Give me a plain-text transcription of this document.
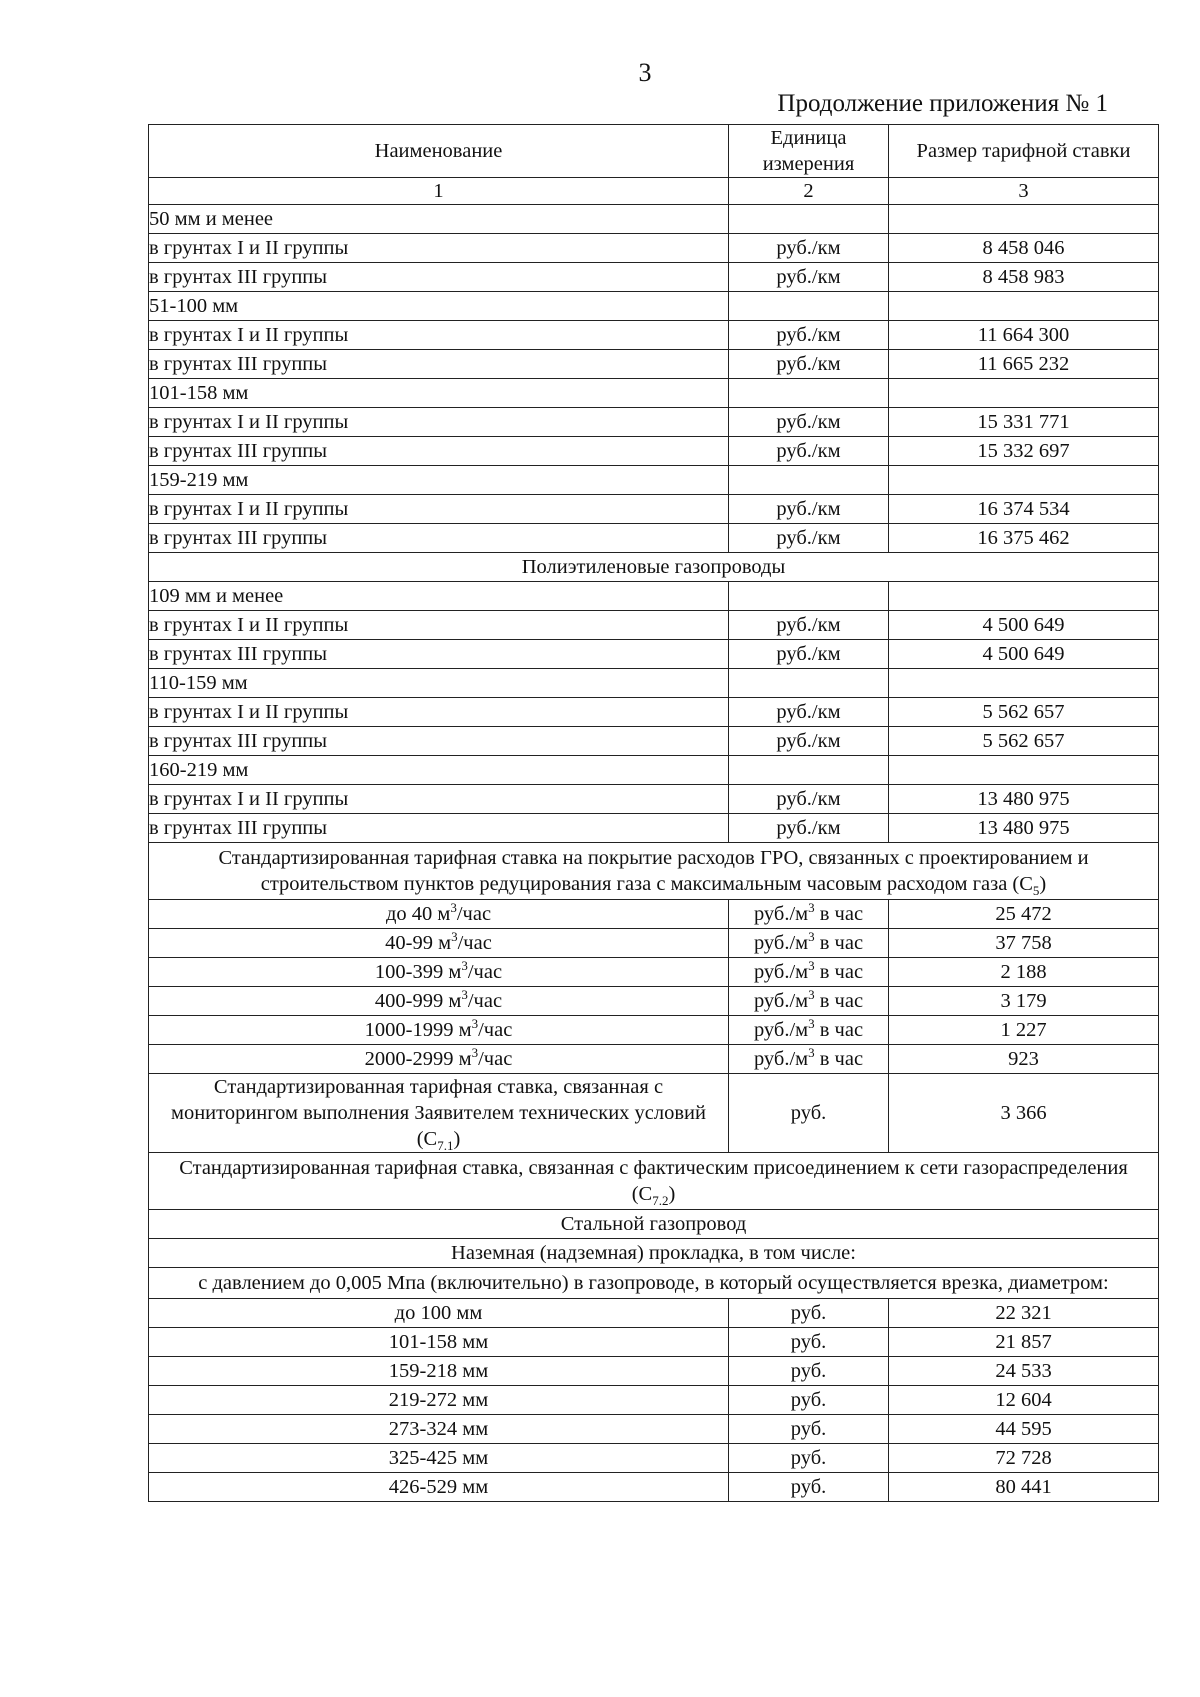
3
Продолжение приложения № 1
Наименование	Единица измерения	Размер тарифной ставки
1	2	3
50 мм и менее		
в грунтах I и II группы	руб./км	8 458 046
в грунтах III группы	руб./км	8 458 983
51-100 мм		
в грунтах I и II группы	руб./км	11 664 300
в грунтах III группы	руб./км	11 665 232
101-158 мм		
в грунтах I и II группы	руб./км	15 331 771
в грунтах III группы	руб./км	15 332 697
159-219 мм		
в грунтах I и II группы	руб./км	16 374 534
в грунтах III группы	руб./км	16 375 462
Полиэтиленовые газопроводы		
109 мм и менее		
в грунтах I и II группы	руб./км	4 500 649
в грунтах III группы	руб./км	4 500 649
110-159 мм		
в грунтах I и II группы	руб./км	5 562 657
в грунтах III группы	руб./км	5 562 657
160-219 мм		
в грунтах I и II группы	руб./км	13 480 975
в грунтах III группы	руб./км	13 480 975
Стандартизированная тарифная ставка на покрытие расходов ГРО, связанных с проектированием и строительством пунктов редуцирования газа с максимальным часовым расходом газа $(С_5)$		
до 40 $м^3$/час	$руб./м^3$ в час	25 472
40-99 $м^3$/час	$руб./м^3$ в час	37 758
100-399 $м^3$/час	$руб./м^3$ в час	2 188
400-999 $м^3$/час	$руб./м^3$ в час	3 179
1000-1999 $м^3$/час	$руб./м^3$ в час	1 227
2000-2999 $м^3$/час	$руб./м^3$ в час	923
Стандартизированная тарифная ставка, связанная с мониторингом выполнения Заявителем технических условий $(С_{7.1})$	руб.	3 366
Стандартизированная тарифная ставка, связанная с фактическим присоединением к сети газораспределения $(С_{7.2})$		
Стальной газопровод		
Наземная (надземная) прокладка, в том числе:		
с давлением до 0,005 Мпа (включительно) в газопроводе, в который осуществляется врезка, диаметром:		
до 100 мм	руб.	22 321
101-158 мм	руб.	21 857
159-218 мм	руб.	24 533
219-272 мм	руб.	12 604
273-324 мм	руб.	44 595
325-425 мм	руб.	72 728
426-529 мм	руб.	80 441
